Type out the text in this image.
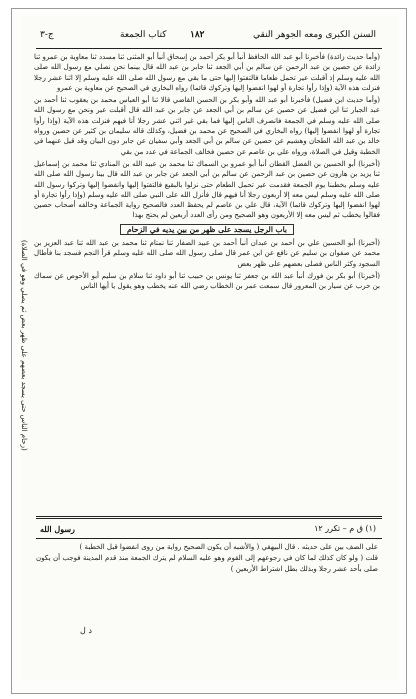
السنن الكبرى ومعه الجوهر النقي
١٨٢
كتاب الجمعة
ج-٣

(وأما حديث زائدة) فأخبرنا أبو عبد الله الحافظ أنبأ أبو بكر أحمد بن إسحاق أنبأ أبو المثنى ثنا مسدد ثنا معاوية بن عمرو ثنا زائدة عن حصين بن عبد الرحمن عن سالم بن أبي الجعد ثنا جابر بن عبد الله قال بينما نحن نصلي مع رسول الله صلى الله عليه وسلم إذ أقبلت عير تحمل طعاما فالتفتوا إليها حتى ما بقي مع رسول الله صلى الله عليه وسلم إلا اثنا عشر رجلا فنزلت هذه الآية (وإذا رأوا تجارة أو لهوا انفضوا إليها وتركوك قائما) رواه البخاري في الصحيح عن معاوية بن عمرو

(وأما حديث ابن فضيل) فأخبرنا أبو عبد الله وأبو بكر بن الحسن القاضي قالا ثنا أبو العباس محمد بن يعقوب ثنا أحمد بن عبد الجبار ثنا ابن فضيل عن حصين عن سالم بن أبي الجعد عن جابر بن عبد الله قال أقبلت عير ونحن مع رسول الله صلى الله عليه وسلم في الجمعة فانصرف الناس إليها فما بقي غير اثني عشر رجلا أنا فيهم فنزلت هذه الآية (وإذا رأوا تجارة أو لهوا انفضوا إليها) رواه البخاري في الصحيح عن محمد بن فضيل، وكذلك قاله سليمان بن كثير عن حصين ورواه خالد بن عبد الله الطحان وهشيم عن حصين عن سالم بن أبي الجعد وأبي سفيان عن جابر دون البيان وقد قيل عنهما في الخطبة وقيل في الصلاة، ورواه علي بن عاصم عن حصين فخالف الجماعة في عدد من بقي

(أخبرنا) أبو الحسين بن الفضل القطان أنبأ أبو عمرو بن السماك ثنا محمد بن عبيد الله بن المنادي ثنا محمد بن إسماعيل ثنا يزيد بن هارون عن حصين بن عبد الرحمن عن سالم بن أبي الجعد عن جابر بن عبد الله قال بينا رسول الله صلى الله عليه وسلم يخطبنا يوم الجمعة فقدمت عير تحمل الطعام حتى نزلوا بالبقيع فالتفتوا إليها وانفضوا إليها وتركوا رسول الله صلى الله عليه وسلم ليس معه إلا أربعون رجلا أنا فيهم قال فأنزل الله على النبي صلى الله عليه وسلم (وإذا رأوا تجارة أو لهوا انفضوا إليها وتركوك قائما) الآية، قال علي بن عاصم لم يحفظ العدد فالصحيح رواية الجماعة وخالفه أصحاب حصين فقالوا يخطب ثم ليس معه إلا الأربعون وهو الصحيح ومن رأى العدد أربعين لم يحتج بهذا

باب الرجل يسجد على ظهر من بين يديه في الزحام

(أخبرنا) أبو الحسين علي بن أحمد بن عبدان أنبأ أحمد بن عبيد الصفار ثنا تمتام ثنا محمد بن عبد الله ثنا عبد العزيز بن محمد عن صفوان بن سليم عن نافع عن ابن عمر قال صلى رسول الله صلى الله عليه وسلم قرأ النجم فسجد بنا فأطال السجود وكثر الناس فصلى بعضهم على ظهر بعض

(أخبرنا) أبو بكر بن فورك أنبأ عبد الله بن جعفر ثنا يونس بن حبيب ثنا أبو داود ثنا سلام بن سليم أبو الأحوص عن سماك بن حرب عن سيار بن المعرور قال سمعت عمر بن الخطاب رضي الله عنه يخطب وهو يقول يا أيها الناس

(زحام الناس حتى يسجد بعضهم على ظهر بعض ثم يصلي وهو في الصلاة)
(١) ق م – تكرر ١٢
رسول الله

على الصف بين على حديثه . قال البيهقي ( والأشبه أن يكون الصحيح رواية من روى انفضوا قبل الخطبة )

قلت ( ولو كان كذلك لما كان في رجوعهم إلى القوم وهو عليه السلام لم يترك الجمعة منذ قدم المدينة فوجب أن يكون صلى بأحد عشر رجلا وبذلك بطل اشتراط الأربعين )

د ل
